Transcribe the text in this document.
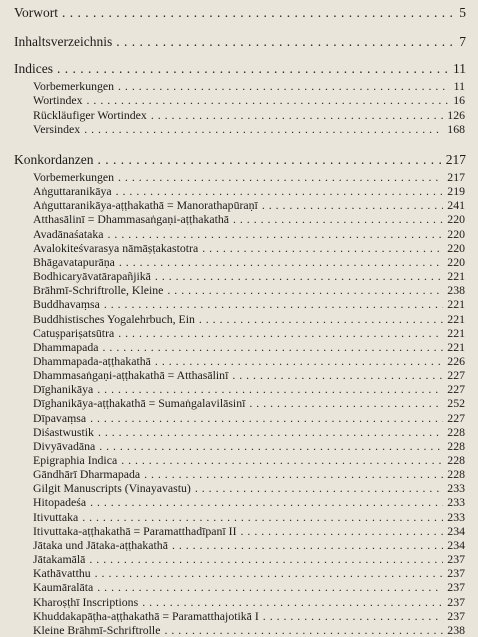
Vorwort . . .	5
Inhaltsverzeichnis . . .	7
Indices . . .	11
Vorbemerkungen . . .	11
Wortindex . . .	16
Rückläufiger Wortindex . . .	126
Versindex . . .	168
Konkordanzen . . .	217
Vorbemerkungen . . .	217
Aṅguttaranikāya . . .	219
Aṅguttaranikāya-aṭṭhakathā = Manorathapūraṇī . . .	241
Atthasālinī = Dhammasaṅgaṇi-aṭṭhakathā . . .	220
Avadānaśataka . . .	220
Avalokiteśvarasya nāmāṣṭakastotra . . .	220
Bhāgavatapurāṇa . . .	220
Bodhicaryāvatārapañjikā . . .	221
Brāhmī-Schriftrolle, Kleine . . .	238
Buddhavaṃsa . . .	221
Buddhistisches Yogalehrbuch, Ein . . .	221
Catuṣpariṣatsūtra . . .	221
Dhammapada . . .	221
Dhammapada-aṭṭhakathā . . .	226
Dhammasaṅgaṇi-aṭṭhakathā = Atthasālinī . . .	227
Dīghanikāya . . .	227
Dīghanikāya-aṭṭhakathā = Sumaṅgalavilāsinī . . .	252
Dīpavaṃsa . . .	227
Diśastwustik . . .	228
Divyāvadāna . . .	228
Epigraphia Indica . . .	228
Gāndhārī Dharmapada . . .	228
Gilgit Manuscripts (Vinayavastu) . . .	233
Hitopadeśa . . .	233
Itivuttaka . . .	233
Itivuttaka-aṭṭhakathā = Paramatthadīpanī II . . .	234
Jātaka und Jātaka-aṭṭhakathā . . .	234
Jātakamālā . . .	237
Kathāvatthu . . .	237
Kaumāralāta . . .	237
Kharoṣṭhī Inscriptions . . .	237
Khuddakapāṭha-aṭṭhakathā = Paramatthajotikā I . . .	237
Kleine Brāhmī-Schriftrolle . . .	238
